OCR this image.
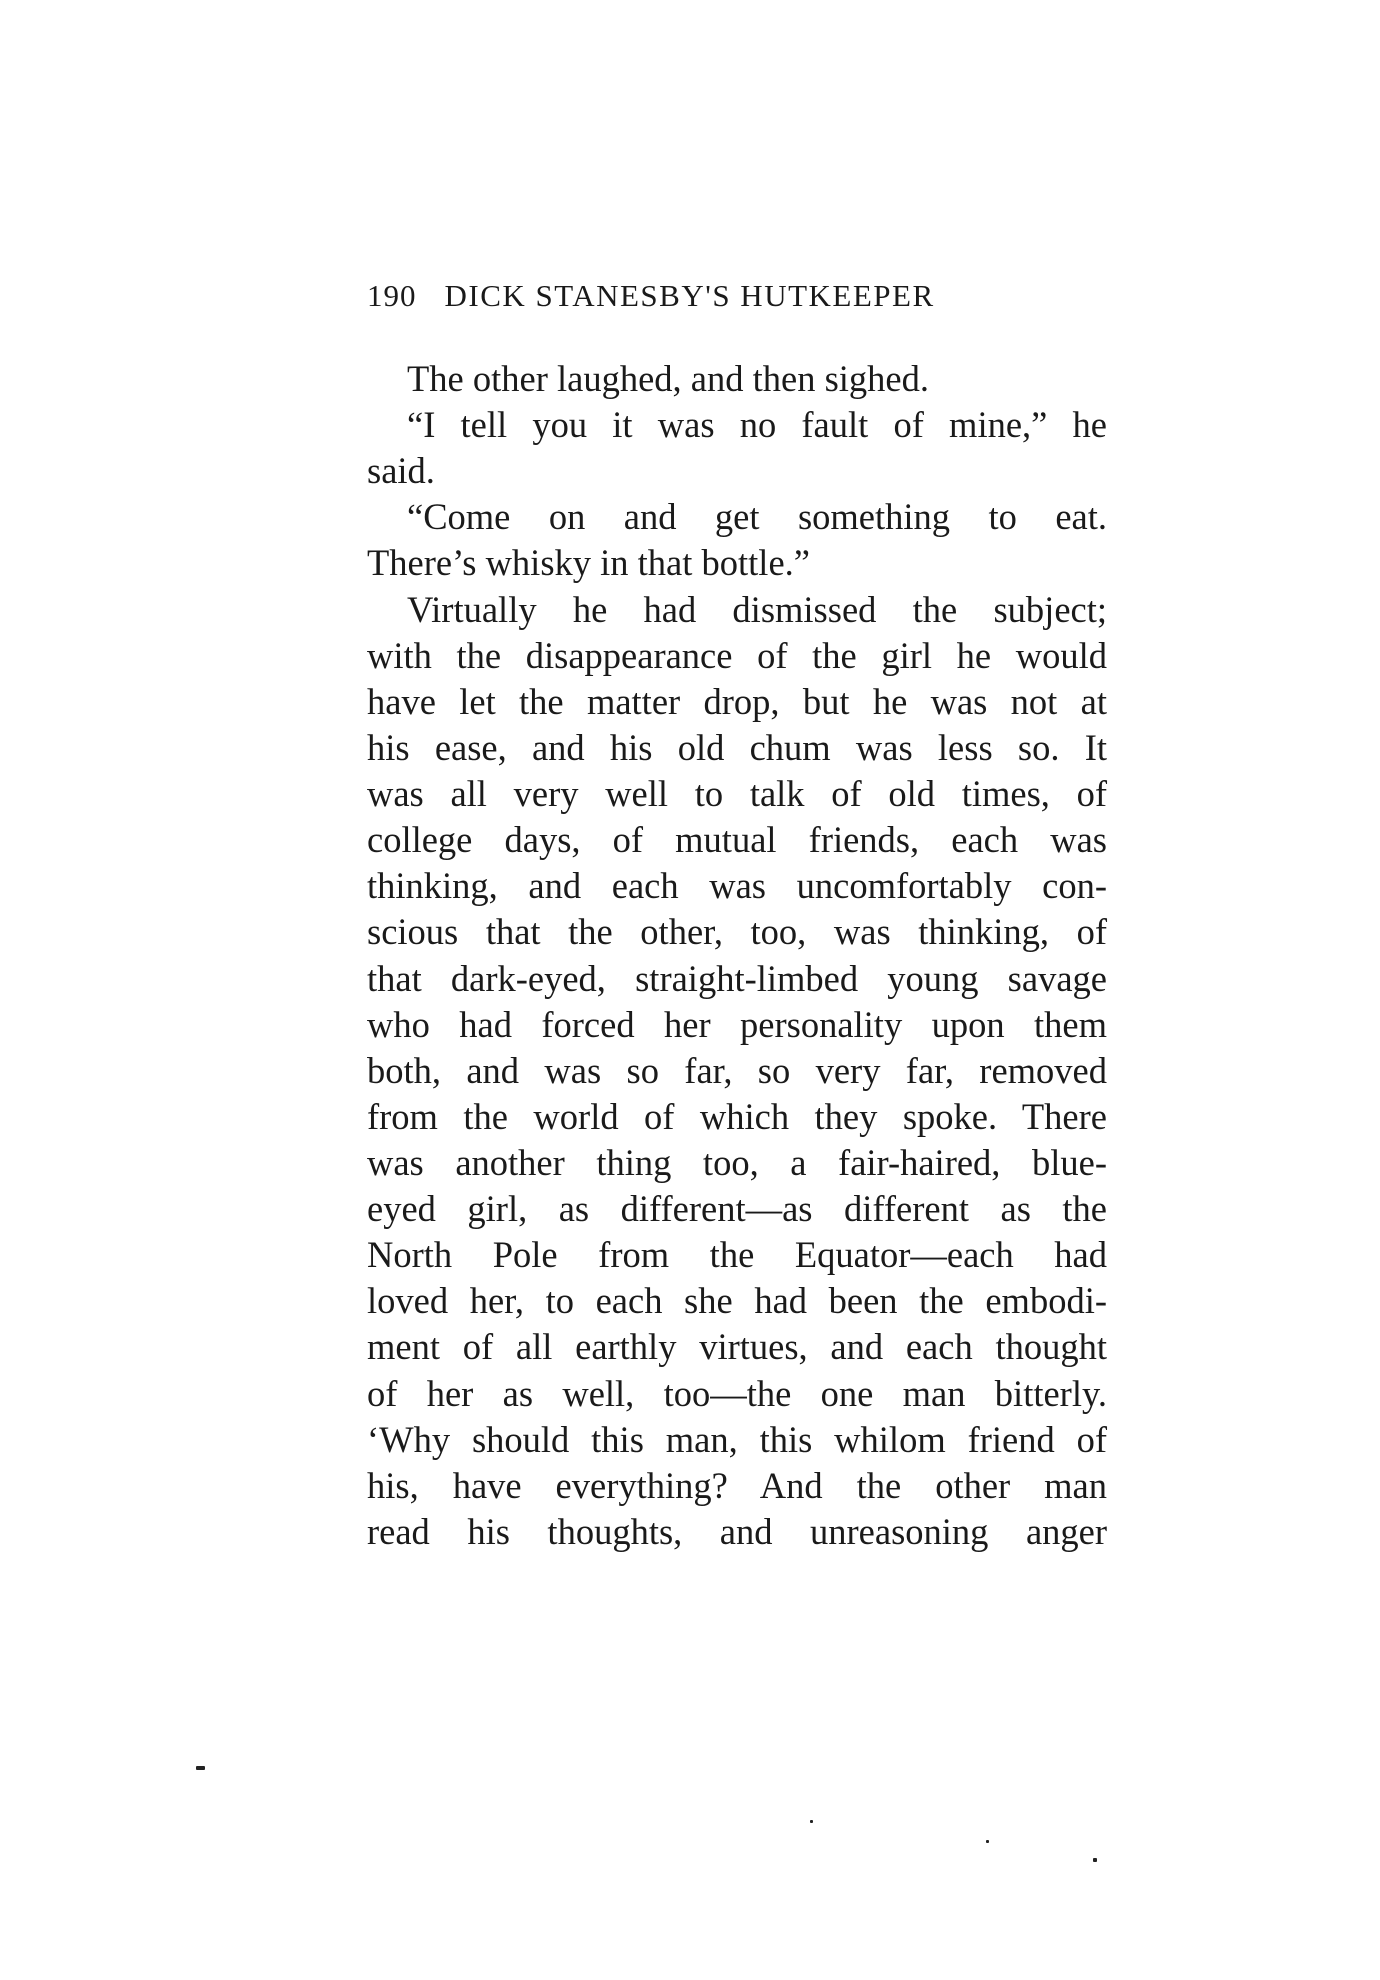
190 DICK STANESBY'S HUTKEEPER
The other laughed, and then sighed.
“I tell you it was no fault of mine,” he
said.
“Come on and get something to eat.
There’s whisky in that bottle.”
Virtually he had dismissed the subject;
with the disappearance of the girl he would
have let the matter drop, but he was not at
his ease, and his old chum was less so. It
was all very well to talk of old times, of
college days, of mutual friends, each was
thinking, and each was uncomfortably con-
scious that the other, too, was thinking, of
that dark-eyed, straight-limbed young savage
who had forced her personality upon them
both, and was so far, so very far, removed
from the world of which they spoke. There
was another thing too, a fair-haired, blue-
eyed girl, as different—as different as the
North Pole from the Equator—each had
loved her, to each she had been the embodi-
ment of all earthly virtues, and each thought
of her as well, too—the one man bitterly.
‘Why should this man, this whilom friend of
his, have everything? And the other man
read his thoughts, and unreasoning anger
